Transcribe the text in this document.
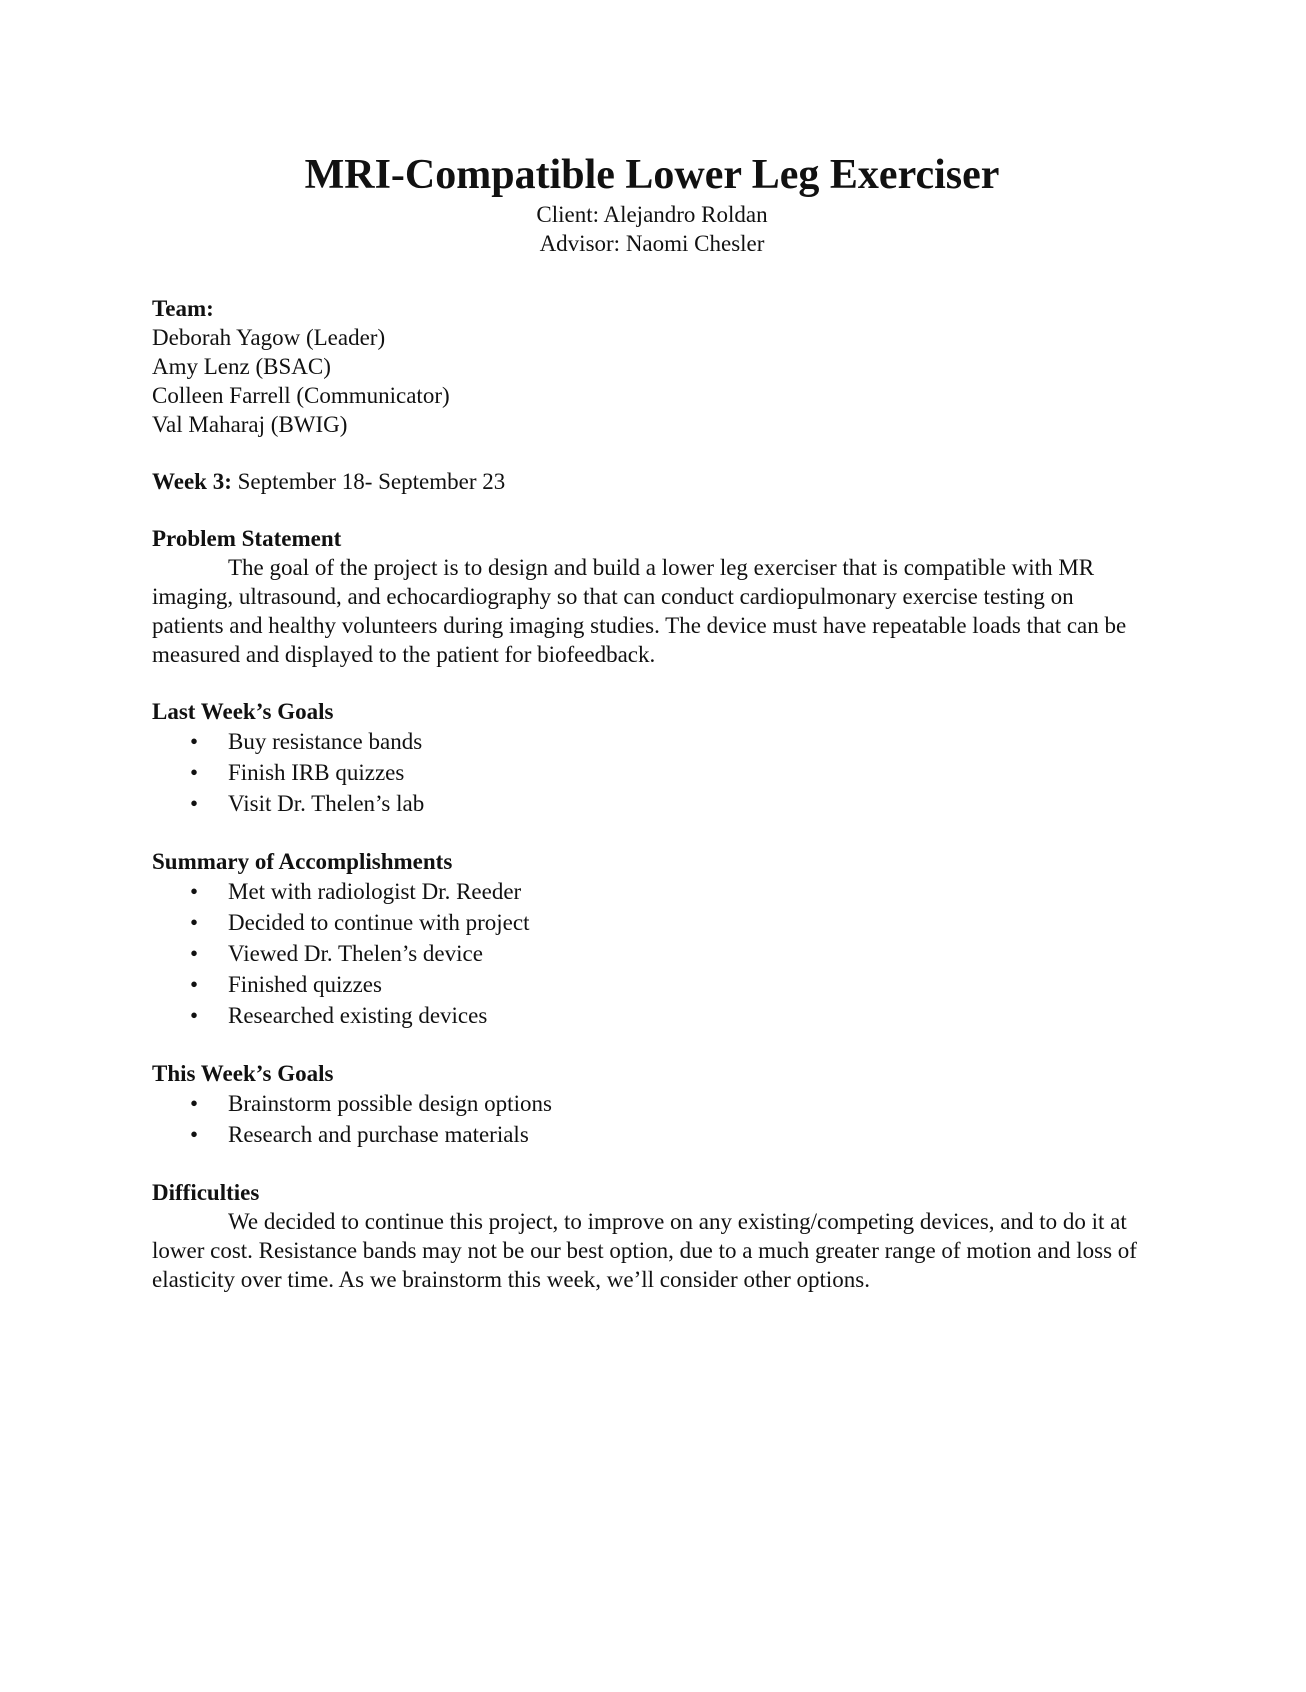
MRI-Compatible Lower Leg Exerciser

Client: Alejandro Roldan

Advisor: Naomi Chesler

Team:

Deborah Yagow (Leader)

Amy Lenz (BSAC)

Colleen Farrell (Communicator)

Val Maharaj (BWIG)

Week 3: September 18- September 23

Problem Statement

The goal of the project is to design and build a lower leg exerciser that is compatible with MR imaging, ultrasound, and echocardiography so that can conduct cardiopulmonary exercise testing on patients and healthy volunteers during imaging studies. The device must have repeatable loads that can be measured and displayed to the patient for biofeedback.

Last Week’s Goals

• Buy resistance bands
• Finish IRB quizzes
• Visit Dr. Thelen’s lab

Summary of Accomplishments

• Met with radiologist Dr. Reeder
• Decided to continue with project
• Viewed Dr. Thelen’s device
• Finished quizzes
• Researched existing devices

This Week’s Goals

• Brainstorm possible design options
• Research and purchase materials

Difficulties

We decided to continue this project, to improve on any existing/competing devices, and to do it at lower cost. Resistance bands may not be our best option, due to a much greater range of motion and loss of elasticity over time. As we brainstorm this week, we’ll consider other options.
